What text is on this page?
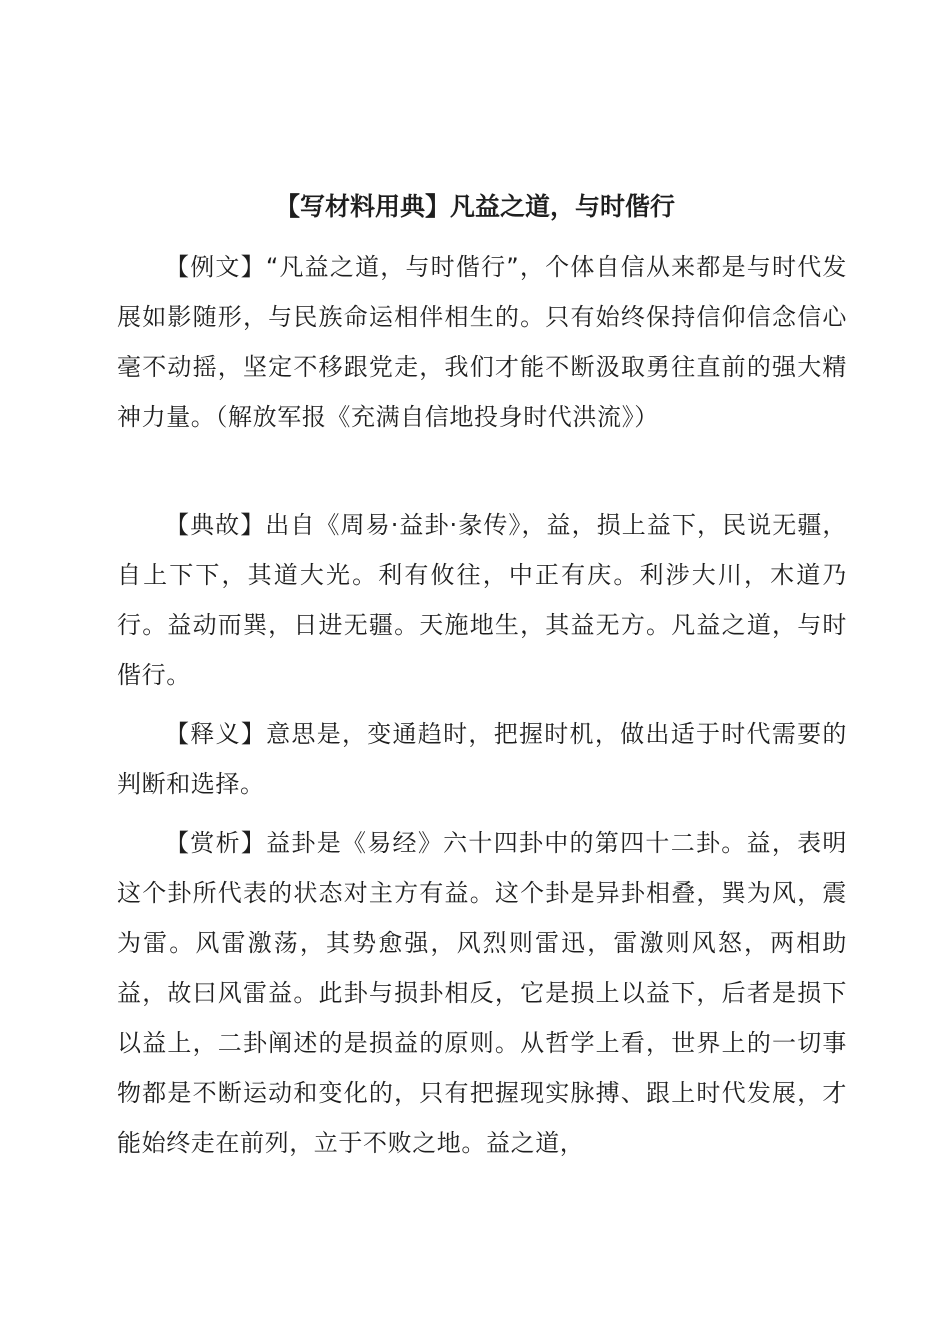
【写材料用典】凡益之道，与时偕行

【例文】“凡益之道，与时偕行”，个体自信从来都是与时代发展如影随形，与民族命运相伴相生的。只有始终保持信仰信念信心毫不动摇，坚定不移跟党走，我们才能不断汲取勇往直前的强大精神力量。（解放军报《充满自信地投身时代洪流》）

【典故】出自《周易·益卦·彖传》，益，损上益下，民说无疆，自上下下，其道大光。利有攸往，中正有庆。利涉大川，木道乃行。益动而巽，日进无疆。天施地生，其益无方。凡益之道，与时偕行。

【释义】意思是，变通趋时，把握时机，做出适于时代需要的判断和选择。

【赏析】益卦是《易经》六十四卦中的第四十二卦。益，表明这个卦所代表的状态对主方有益。这个卦是异卦相叠，巽为风，震为雷。风雷激荡，其势愈强，风烈则雷迅，雷激则风怒，两相助益，故曰风雷益。此卦与损卦相反，它是损上以益下，后者是损下以益上，二卦阐述的是损益的原则。从哲学上看，世界上的一切事物都是不断运动和变化的，只有把握现实脉搏、跟上时代发展，才能始终走在前列，立于不败之地。益之道，
